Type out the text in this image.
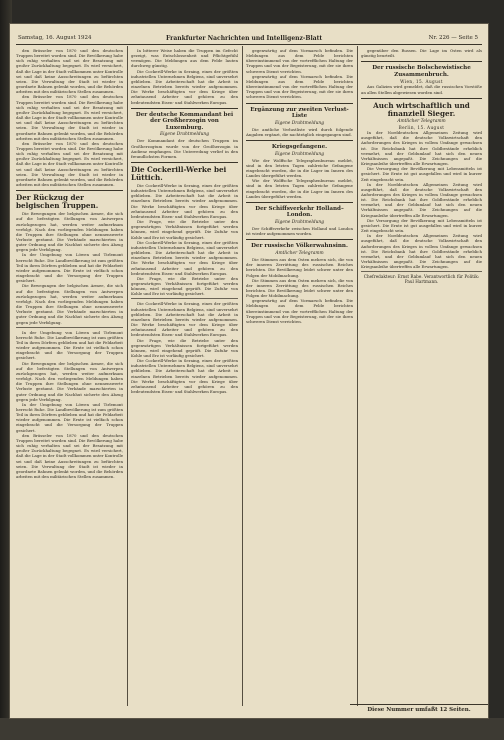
Samstag, 16. August 1924	Frankfurter Nachrichten und Intelligenz-Blatt	Nr. 226 — Seite 5

den Brüsseler von 1870 und den deutschen Truppen bereitet worden sind. Die Bevölkerung habe sich ruhig verhalten und sei der Besatzung mit großer Zurückhaltung begegnet. Es wird versichert, daß die Lage in der Stadt vollkommen unter Kontrolle sei und daß keine Ausschreitungen zu befürchten seien. Die Verwaltung der Stadt ist wieder in geordnete Bahnen gelenkt worden, und die Behörden arbeiten mit den militärischen Stellen zusammen.

den Brüsseler von 1870 und den deutschen Truppen bereitet worden sind. Die Bevölkerung habe sich ruhig verhalten und sei der Besatzung mit großer Zurückhaltung begegnet. Es wird versichert, daß die Lage in der Stadt vollkommen unter Kontrolle sei und daß keine Ausschreitungen zu befürchten seien. Die Verwaltung der Stadt ist wieder in geordnete Bahnen gelenkt worden, und die Behörden arbeiten mit den militärischen Stellen zusammen.

den Brüsseler von 1870 und den deutschen Truppen bereitet worden sind. Die Bevölkerung habe sich ruhig verhalten und sei der Besatzung mit großer Zurückhaltung begegnet. Es wird versichert, daß die Lage in der Stadt vollkommen unter Kontrolle sei und daß keine Ausschreitungen zu befürchten seien. Die Verwaltung der Stadt ist wieder in geordnete Bahnen gelenkt worden, und die Behörden arbeiten mit den militärischen Stellen zusammen.

Der Rückzug der belgischen Truppen.

Die Bewegungen der belgischen Armee, die sich auf die befestigten Stellungen von Antwerpen zurückgezogen hat, werden weiter aufmerksam verfolgt. Nach den vorliegenden Meldungen haben die Truppen ihre Stellungen ohne nennenswerte Verluste geräumt. Die Verbände marschierten in guter Ordnung und die Nachhut sicherte den Abzug gegen jede Verfolgung.

In der Umgebung von Löwen und Tirlemont herrscht Ruhe. Die Landbevölkerung ist zum größten Teil in ihren Dörfern geblieben und hat die Feldarbeit wieder aufgenommen. Die Ernte ist vielfach schon eingebracht und die Versorgung der Truppen gesichert.

Die Bewegungen der belgischen Armee, die sich auf die befestigten Stellungen von Antwerpen zurückgezogen hat, werden weiter aufmerksam verfolgt. Nach den vorliegenden Meldungen haben die Truppen ihre Stellungen ohne nennenswerte Verluste geräumt. Die Verbände marschierten in guter Ordnung und die Nachhut sicherte den Abzug gegen jede Verfolgung.

In der Umgebung von Löwen und Tirlemont herrscht Ruhe. Die Landbevölkerung ist zum größten Teil in ihren Dörfern geblieben und hat die Feldarbeit wieder aufgenommen. Die Ernte ist vielfach schon eingebracht und die Versorgung der Truppen gesichert.

Die Bewegungen der belgischen Armee, die sich auf die befestigten Stellungen von Antwerpen zurückgezogen hat, werden weiter aufmerksam verfolgt. Nach den vorliegenden Meldungen haben die Truppen ihre Stellungen ohne nennenswerte Verluste geräumt. Die Verbände marschierten in guter Ordnung und die Nachhut sicherte den Abzug gegen jede Verfolgung.

In der Umgebung von Löwen und Tirlemont herrscht Ruhe. Die Landbevölkerung ist zum größten Teil in ihren Dörfern geblieben und hat die Feldarbeit wieder aufgenommen. Die Ernte ist vielfach schon eingebracht und die Versorgung der Truppen gesichert.

den Brüsseler von 1870 und den deutschen Truppen bereitet worden sind. Die Bevölkerung habe sich ruhig verhalten und sei der Besatzung mit großer Zurückhaltung begegnet. Es wird versichert, daß die Lage in der Stadt vollkommen unter Kontrolle sei und daß keine Ausschreitungen zu befürchten seien. Die Verwaltung der Stadt ist wieder in geordnete Bahnen gelenkt worden, und die Behörden arbeiten mit den militärischen Stellen zusammen.

In bitterer Weise haben die Truppen im Gefecht gezeigt, was Entschlossenheit und Pflichtgefühl vermögen. Die Meldungen aus dem Felde lauten durchweg günstig.

Die Cockerill-Werke in Seraing, eines der größten industriellen Unternehmen Belgiens, sind unversehrt geblieben. Die Arbeiterschaft hat die Arbeit in einzelnen Betrieben bereits wieder aufgenommen. Die Werke beschäftigten vor dem Kriege über zehntausend Arbeiter und gehören zu den bedeutendsten Eisen- und Stahlwerken Europas.

Der deutsche Kommandant bei der Großherzogin von Luxemburg.
Eigene Drahtmeldung

Der Kommandant der deutschen Truppen im Großherzogtum wurde von der Großherzogin in Audienz empfangen. Die Unterredung verlief in den freundlichsten Formen.

Die Cockerill-Werke bei Lüttich.

Die Cockerill-Werke in Seraing, eines der größten industriellen Unternehmen Belgiens, sind unversehrt geblieben. Die Arbeiterschaft hat die Arbeit in einzelnen Betrieben bereits wieder aufgenommen. Die Werke beschäftigten vor dem Kriege über zehntausend Arbeiter und gehören zu den bedeutendsten Eisen- und Stahlwerken Europas.

Die Frage, wie die Betriebe unter den gegenwärtigen Verhältnissen fortgeführt werden können, wird eingehend geprüft. Die Zufuhr von Kohle und Erz ist vorläufig gesichert.

Die Cockerill-Werke in Seraing, eines der größten industriellen Unternehmen Belgiens, sind unversehrt geblieben. Die Arbeiterschaft hat die Arbeit in einzelnen Betrieben bereits wieder aufgenommen. Die Werke beschäftigten vor dem Kriege über zehntausend Arbeiter und gehören zu den bedeutendsten Eisen- und Stahlwerken Europas.

Die Frage, wie die Betriebe unter den gegenwärtigen Verhältnissen fortgeführt werden können, wird eingehend geprüft. Die Zufuhr von Kohle und Erz ist vorläufig gesichert.

Die Cockerill-Werke in Seraing, eines der größten industriellen Unternehmen Belgiens, sind unversehrt geblieben. Die Arbeiterschaft hat die Arbeit in einzelnen Betrieben bereits wieder aufgenommen. Die Werke beschäftigten vor dem Kriege über zehntausend Arbeiter und gehören zu den bedeutendsten Eisen- und Stahlwerken Europas.

Die Frage, wie die Betriebe unter den gegenwärtigen Verhältnissen fortgeführt werden können, wird eingehend geprüft. Die Zufuhr von Kohle und Erz ist vorläufig gesichert.

Die Cockerill-Werke in Seraing, eines der größten industriellen Unternehmen Belgiens, sind unversehrt geblieben. Die Arbeiterschaft hat die Arbeit in einzelnen Betrieben bereits wieder aufgenommen. Die Werke beschäftigten vor dem Kriege über zehntausend Arbeiter und gehören zu den bedeutendsten Eisen- und Stahlwerken Europas.

gegenwärtig auf dem Vormarsch befinden. Die Meldungen aus dem Felde berichten übereinstimmend von der vortrefflichen Haltung der Truppen und von der Begeisterung, mit der sie ihren schweren Dienst verrichten.

gegenwärtig auf dem Vormarsch befinden. Die Meldungen aus dem Felde berichten übereinstimmend von der vortrefflichen Haltung der Truppen und von der Begeisterung, mit der sie ihren schweren Dienst verrichten.

Ergänzung zur zweiten Verlust-Liste
Eigene Drahtmeldung

Die amtliche Verlustliste wird durch folgende Angaben ergänzt, die nachträglich eingegangen sind.

Kriegsgefangene.
Eigene Drahtmeldung

Wie der Wolffsche Telegraphenbureau meldet, sind in den letzten Tagen zahlreiche Gefangene eingebracht worden, die in die Lager im Innern des Landes übergeführt werden.

Wie der Wolffsche Telegraphenbureau meldet, sind in den letzten Tagen zahlreiche Gefangene eingebracht worden, die in die Lager im Innern des Landes übergeführt werden.

Der Schiffsverkehr Holland–London.
Eigene Drahtmeldung

Der Schiffsverkehr zwischen Holland und London ist wieder aufgenommen worden.

Der russische Völkerwahnsinn.
Amtlicher Telegramm

Die Stimmen aus dem Osten mehren sich, die von der inneren Zerrüttung des russischen Reiches berichten. Die Bevölkerung leidet schwer unter den Folgen der Mobilmachung.

Die Stimmen aus dem Osten mehren sich, die von der inneren Zerrüttung des russischen Reiches berichten. Die Bevölkerung leidet schwer unter den Folgen der Mobilmachung.

gegenwärtig auf dem Vormarsch befinden. Die Meldungen aus dem Felde berichten übereinstimmend von der vortrefflichen Haltung der Truppen und von der Begeisterung, mit der sie ihren schweren Dienst verrichten.

gegenüber den Russen. Die Lage im Osten wird als günstig beurteilt.

Der russische Bolschewistische Zusammenbruch.
Wien, 15. August

Aus Galizien wird gemeldet, daß die russischen Vorstöße an allen Stellen abgewiesen worden sind.

Auch wirtschaftlich und finanziell Sieger.
Amtlicher Telegramm
Berlin, 15. August

In der Norddeutschen Allgemeinen Zeitung wird ausgeführt, daß die deutsche Volkswirtschaft den Anforderungen des Krieges in vollem Umfange gewachsen ist. Die Reichsbank hat ihre Goldbestände erheblich vermehrt, und der Geldumlauf hat sich den neuen Verhältnissen angepaßt. Die Zeichnungen auf die Kriegsanleihe übertreffen alle Erwartungen.

Die Versorgung der Bevölkerung mit Lebensmitteln ist gesichert. Die Ernte ist gut ausgefallen und wird in kurzer Zeit eingebracht sein.

In der Norddeutschen Allgemeinen Zeitung wird ausgeführt, daß die deutsche Volkswirtschaft den Anforderungen des Krieges in vollem Umfange gewachsen ist. Die Reichsbank hat ihre Goldbestände erheblich vermehrt, und der Geldumlauf hat sich den neuen Verhältnissen angepaßt. Die Zeichnungen auf die Kriegsanleihe übertreffen alle Erwartungen.

Die Versorgung der Bevölkerung mit Lebensmitteln ist gesichert. Die Ernte ist gut ausgefallen und wird in kurzer Zeit eingebracht sein.

In der Norddeutschen Allgemeinen Zeitung wird ausgeführt, daß die deutsche Volkswirtschaft den Anforderungen des Krieges in vollem Umfange gewachsen ist. Die Reichsbank hat ihre Goldbestände erheblich vermehrt, und der Geldumlauf hat sich den neuen Verhältnissen angepaßt. Die Zeichnungen auf die Kriegsanleihe übertreffen alle Erwartungen.

Chefredakteur: Ernst Rabe. Verantwortlich für Politik: Paul Hartmann.

Diese Nummer umfaßt 12 Seiten.
